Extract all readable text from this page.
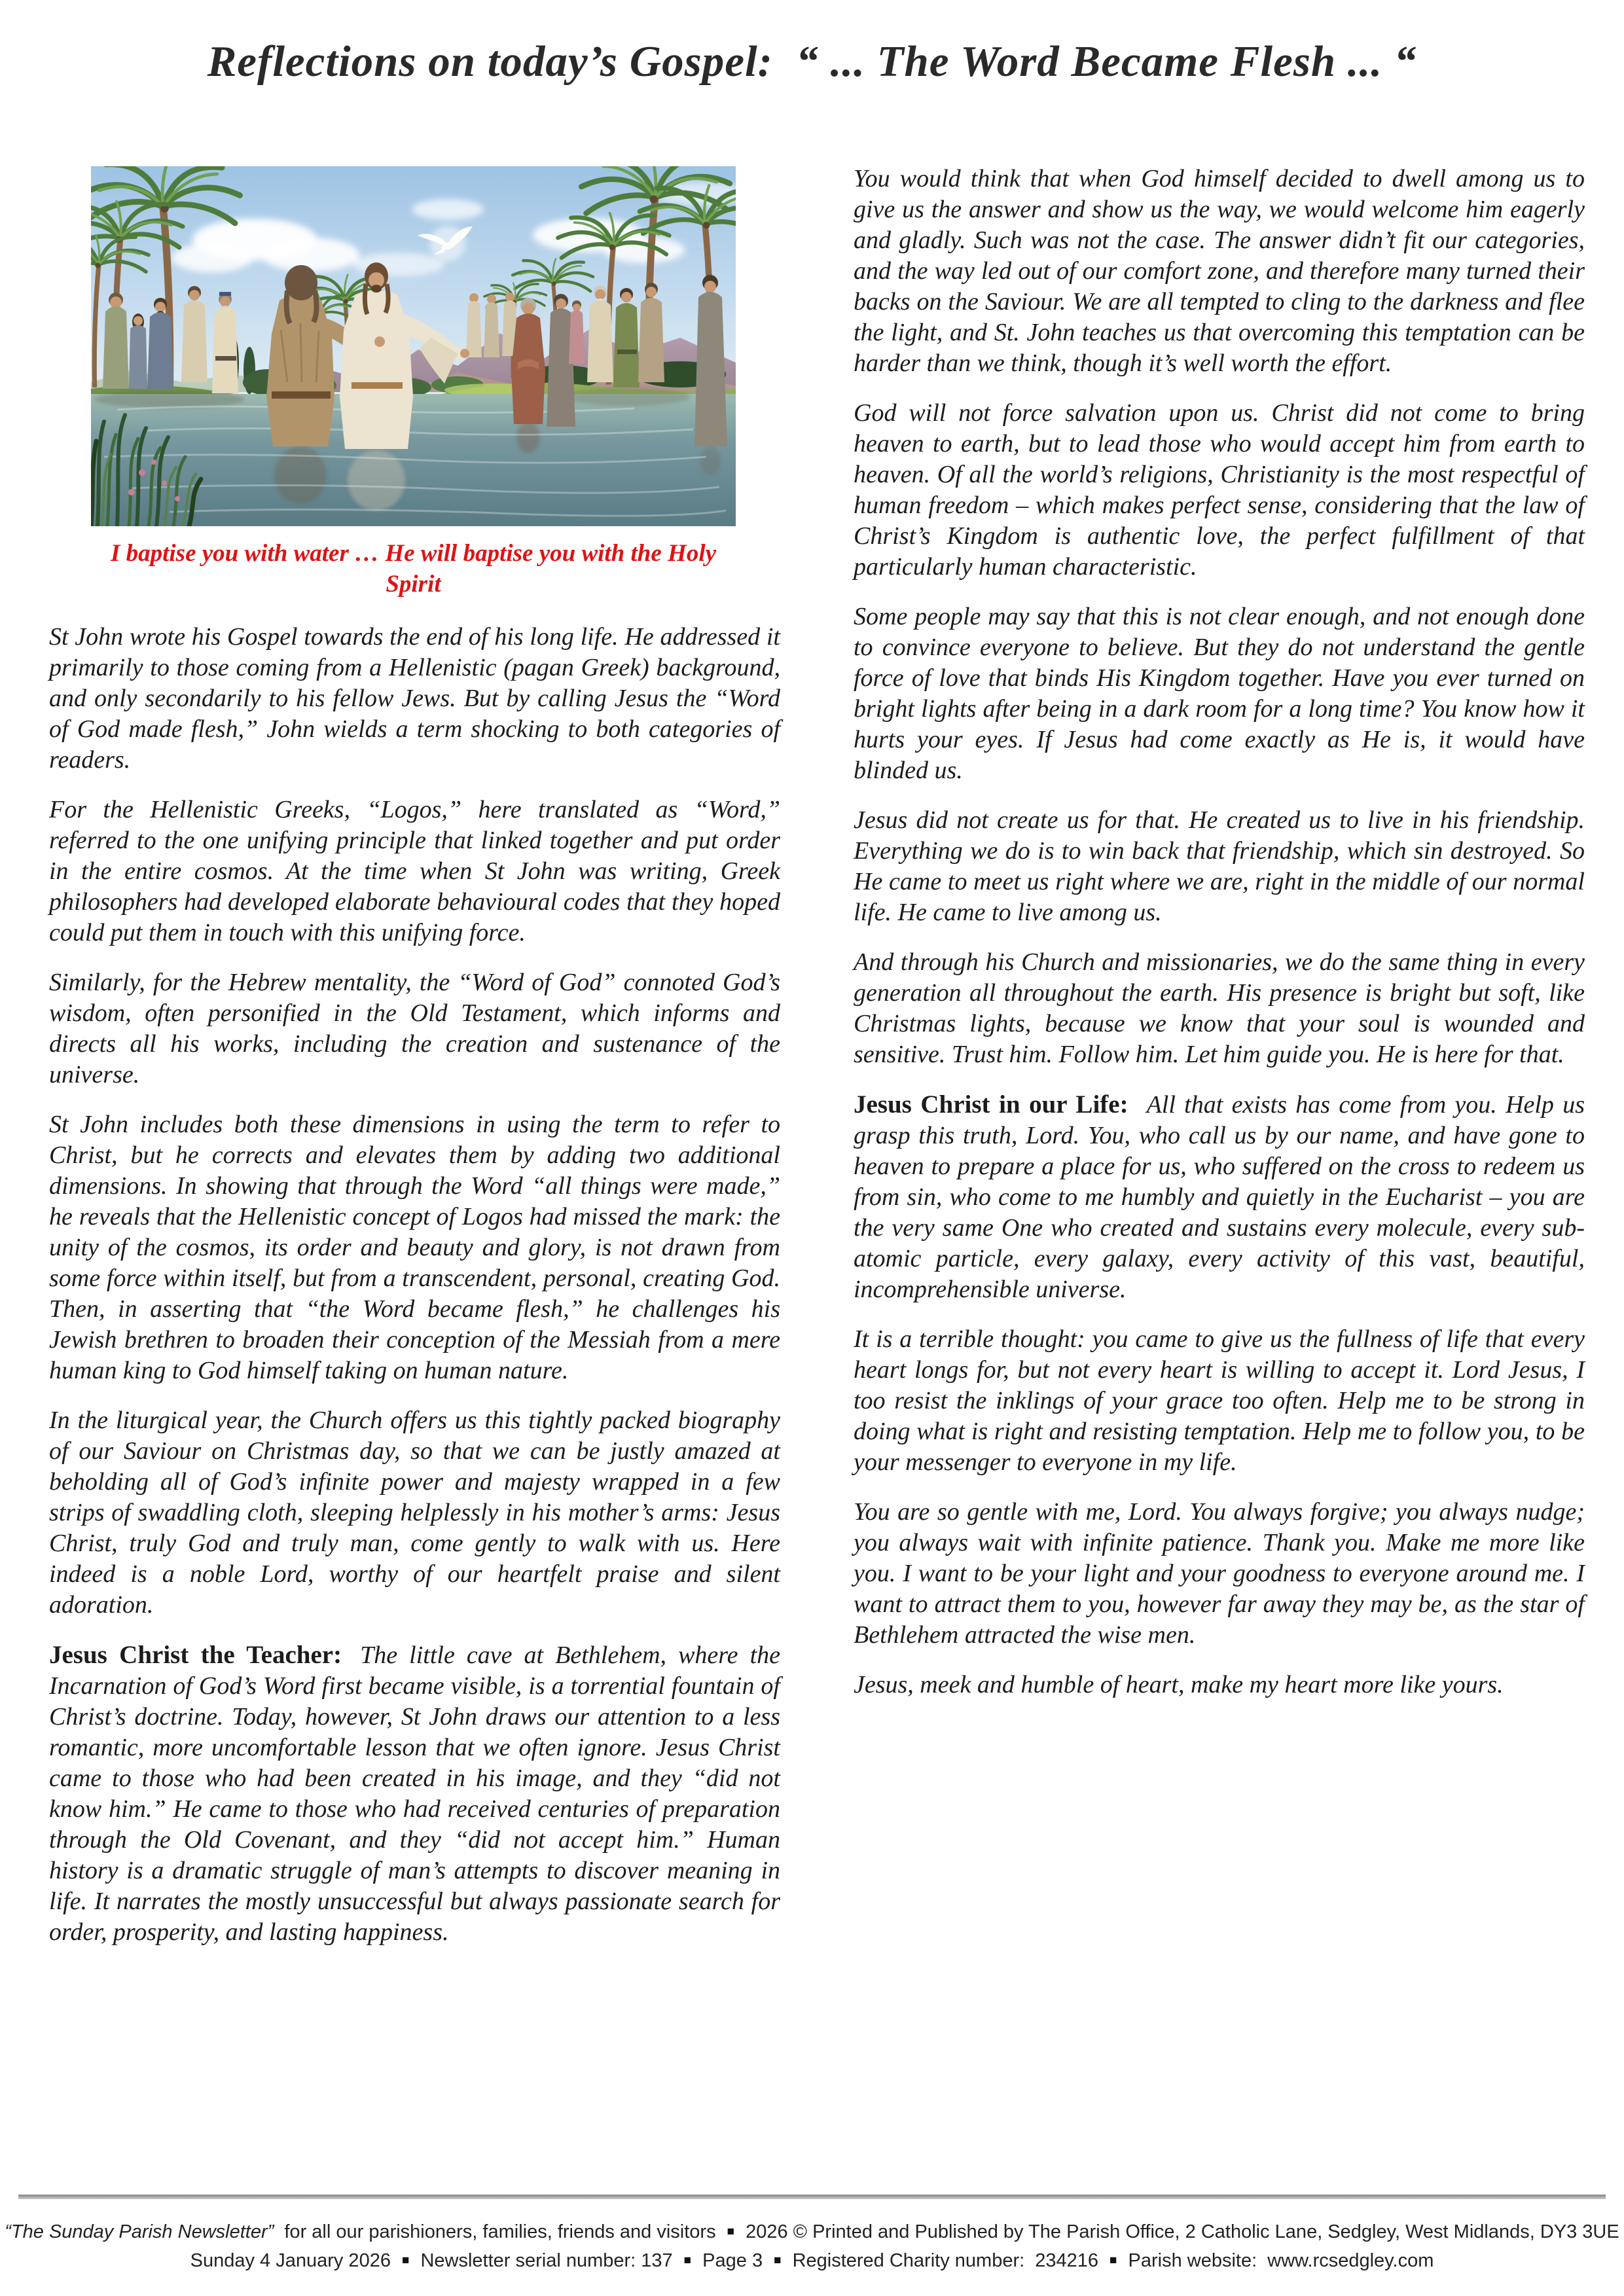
Reflections on today’s Gospel:  “ ... The Word Became Flesh ... “
I baptise you with water … He will baptise you with the Holy Spirit

St John wrote his Gospel towards the end of his long life. He addressed it primarily to those coming from a Hellenistic (pagan Greek) background, and only secondarily to his fellow Jews. But by calling Jesus the “Word of God made flesh,” John wields a term shocking to both categories of readers.

For the Hellenistic Greeks, “Logos,” here translated as “Word,” referred to the one unifying principle that linked together and put order in the entire cosmos. At the time when St John was writing, Greek philosophers had developed elaborate behavioural codes that they hoped could put them in touch with this unifying force.

Similarly, for the Hebrew mentality, the “Word of God” connoted God’s wisdom, often personified in the Old Testament, which informs and directs all his works, including the creation and sustenance of the universe.

St John includes both these dimensions in using the term to refer to Christ, but he corrects and elevates them by adding two additional dimensions. In showing that through the Word “all things were made,” he reveals that the Hellenistic concept of Logos had missed the mark: the unity of the cosmos, its order and beauty and glory, is not drawn from some force within itself, but from a transcendent, personal, creating God. Then, in asserting that “the Word became flesh,” he challenges his Jewish brethren to broaden their conception of the Messiah from a mere human king to God himself taking on human nature.

In the liturgical year, the Church offers us this tightly packed biography of our Saviour on Christmas day, so that we can be justly amazed at beholding all of God’s infinite power and majesty wrapped in a few strips of swaddling cloth, sleeping helplessly in his mother’s arms: Jesus Christ, truly God and truly man, come gently to walk with us. Here indeed is a noble Lord, worthy of our heartfelt praise and silent adoration.

Jesus Christ the Teacher: The little cave at Bethlehem, where the Incarnation of God’s Word first became visible, is a torrential fountain of Christ’s doctrine. Today, however, St John draws our attention to a less romantic, more uncomfortable lesson that we often ignore. Jesus Christ came to those who had been created in his image, and they “did not know him.” He came to those who had received centuries of preparation through the Old Covenant, and they “did not accept him.” Human history is a dramatic struggle of man’s attempts to discover meaning in life. It narrates the mostly unsuccessful but always passionate search for order, prosperity, and lasting happiness.

You would think that when God himself decided to dwell among us to give us the answer and show us the way, we would welcome him eagerly and gladly. Such was not the case. The answer didn’t fit our categories, and the way led out of our comfort zone, and therefore many turned their backs on the Saviour. We are all tempted to cling to the darkness and flee the light, and St. John teaches us that overcoming this temptation can be harder than we think, though it’s well worth the effort.

God will not force salvation upon us. Christ did not come to bring heaven to earth, but to lead those who would accept him from earth to heaven. Of all the world’s religions, Christianity is the most respectful of human freedom – which makes perfect sense, considering that the law of Christ’s Kingdom is authentic love, the perfect fulfillment of that particularly human characteristic.

Some people may say that this is not clear enough, and not enough done to convince everyone to believe. But they do not understand the gentle force of love that binds His Kingdom together. Have you ever turned on bright lights after being in a dark room for a long time? You know how it hurts your eyes. If Jesus had come exactly as He is, it would have blinded us.

Jesus did not create us for that. He created us to live in his friendship. Everything we do is to win back that friendship, which sin destroyed. So He came to meet us right where we are, right in the middle of our normal life. He came to live among us.

And through his Church and missionaries, we do the same thing in every generation all throughout the earth. His presence is bright but soft, like Christmas lights, because we know that your soul is wounded and sensitive. Trust him. Follow him. Let him guide you. He is here for that.

Jesus Christ in our Life: All that exists has come from you. Help us grasp this truth, Lord. You, who call us by our name, and have gone to heaven to prepare a place for us, who suffered on the cross to redeem us from sin, who come to me humbly and quietly in the Eucharist – you are the very same One who created and sustains every molecule, every sub-atomic particle, every galaxy, every activity of this vast, beautiful, incomprehensible universe.

It is a terrible thought: you came to give us the fullness of life that every heart longs for, but not every heart is willing to accept it. Lord Jesus, I too resist the inklings of your grace too often. Help me to be strong in doing what is right and resisting temptation. Help me to follow you, to be your messenger to everyone in my life.

You are so gentle with me, Lord. You always forgive; you always nudge; you always wait with infinite patience. Thank you. Make me more like you. I want to be your light and your goodness to everyone around me. I want to attract them to you, however far away they may be, as the star of Bethlehem attracted the wise men.

Jesus, meek and humble of heart, make my heart more like yours.

“The Sunday Parish Newsletter”  for all our parishioners, families, friends and visitors ■ 2026 © Printed and Published by The Parish Office, 2 Catholic Lane, Sedgley, West Midlands, DY3 3UE
Sunday 4 January 2026 ■ Newsletter serial number: 137 ■ Page 3 ■ Registered Charity number:  234216 ■ Parish website:  www.rcsedgley.com
